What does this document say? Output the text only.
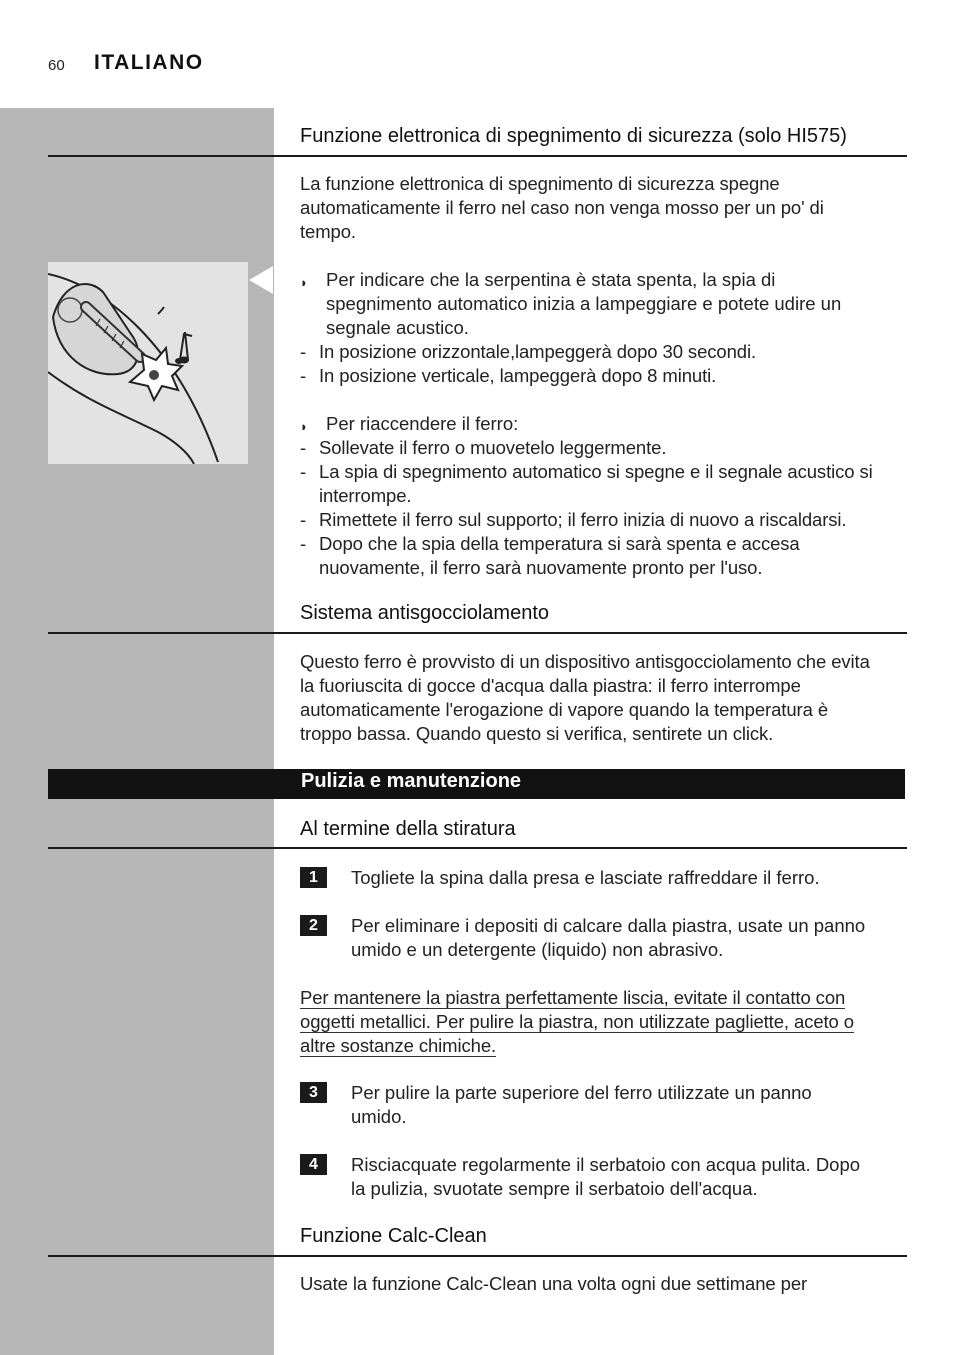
60 ITALIANO
Funzione elettronica di spegnimento di sicurezza (solo HI575)
La funzione elettronica di spegnimento di sicurezza spegne
automaticamente il ferro nel caso non venga mosso per un po' di
tempo.
◗ Per indicare che la serpentina è stata spenta, la spia di
spegnimento automatico inizia a lampeggiare e potete udire un
segnale acustico.
- In posizione orizzontale,lampeggerà dopo 30 secondi.
- In posizione verticale, lampeggerà dopo 8 minuti.
◗ Per riaccendere il ferro:
- Sollevate il ferro o muovetelo leggermente.
- La spia di spegnimento automatico si spegne e il segnale acustico si
interrompe.
- Rimettete il ferro sul supporto; il ferro inizia di nuovo a riscaldarsi.
- Dopo che la spia della temperatura si sarà spenta e accesa
nuovamente, il ferro sarà nuovamente pronto per l'uso.
Sistema antisgocciolamento
Questo ferro è provvisto di un dispositivo antisgocciolamento che evita
la fuoriuscita di gocce d'acqua dalla piastra: il ferro interrompe
automaticamente l'erogazione di vapore quando la temperatura è
troppo bassa. Quando questo si verifica, sentirete un click.
Pulizia e manutenzione
Al termine della stiratura
1	Togliete la spina dalla presa e lasciate raffreddare il ferro.
2	Per eliminare i depositi di calcare dalla piastra, usate un panno
umido e un detergente (liquido) non abrasivo.
Per mantenere la piastra perfettamente liscia, evitate il contatto con
oggetti metallici. Per pulire la piastra, non utilizzate pagliette, aceto o
altre sostanze chimiche.
3	Per pulire la parte superiore del ferro utilizzate un panno
umido.
4	Risciacquate regolarmente il serbatoio con acqua pulita. Dopo
la pulizia, svuotate sempre il serbatoio dell'acqua.
Funzione Calc-Clean
Usate la funzione Calc-Clean una volta ogni due settimane per
